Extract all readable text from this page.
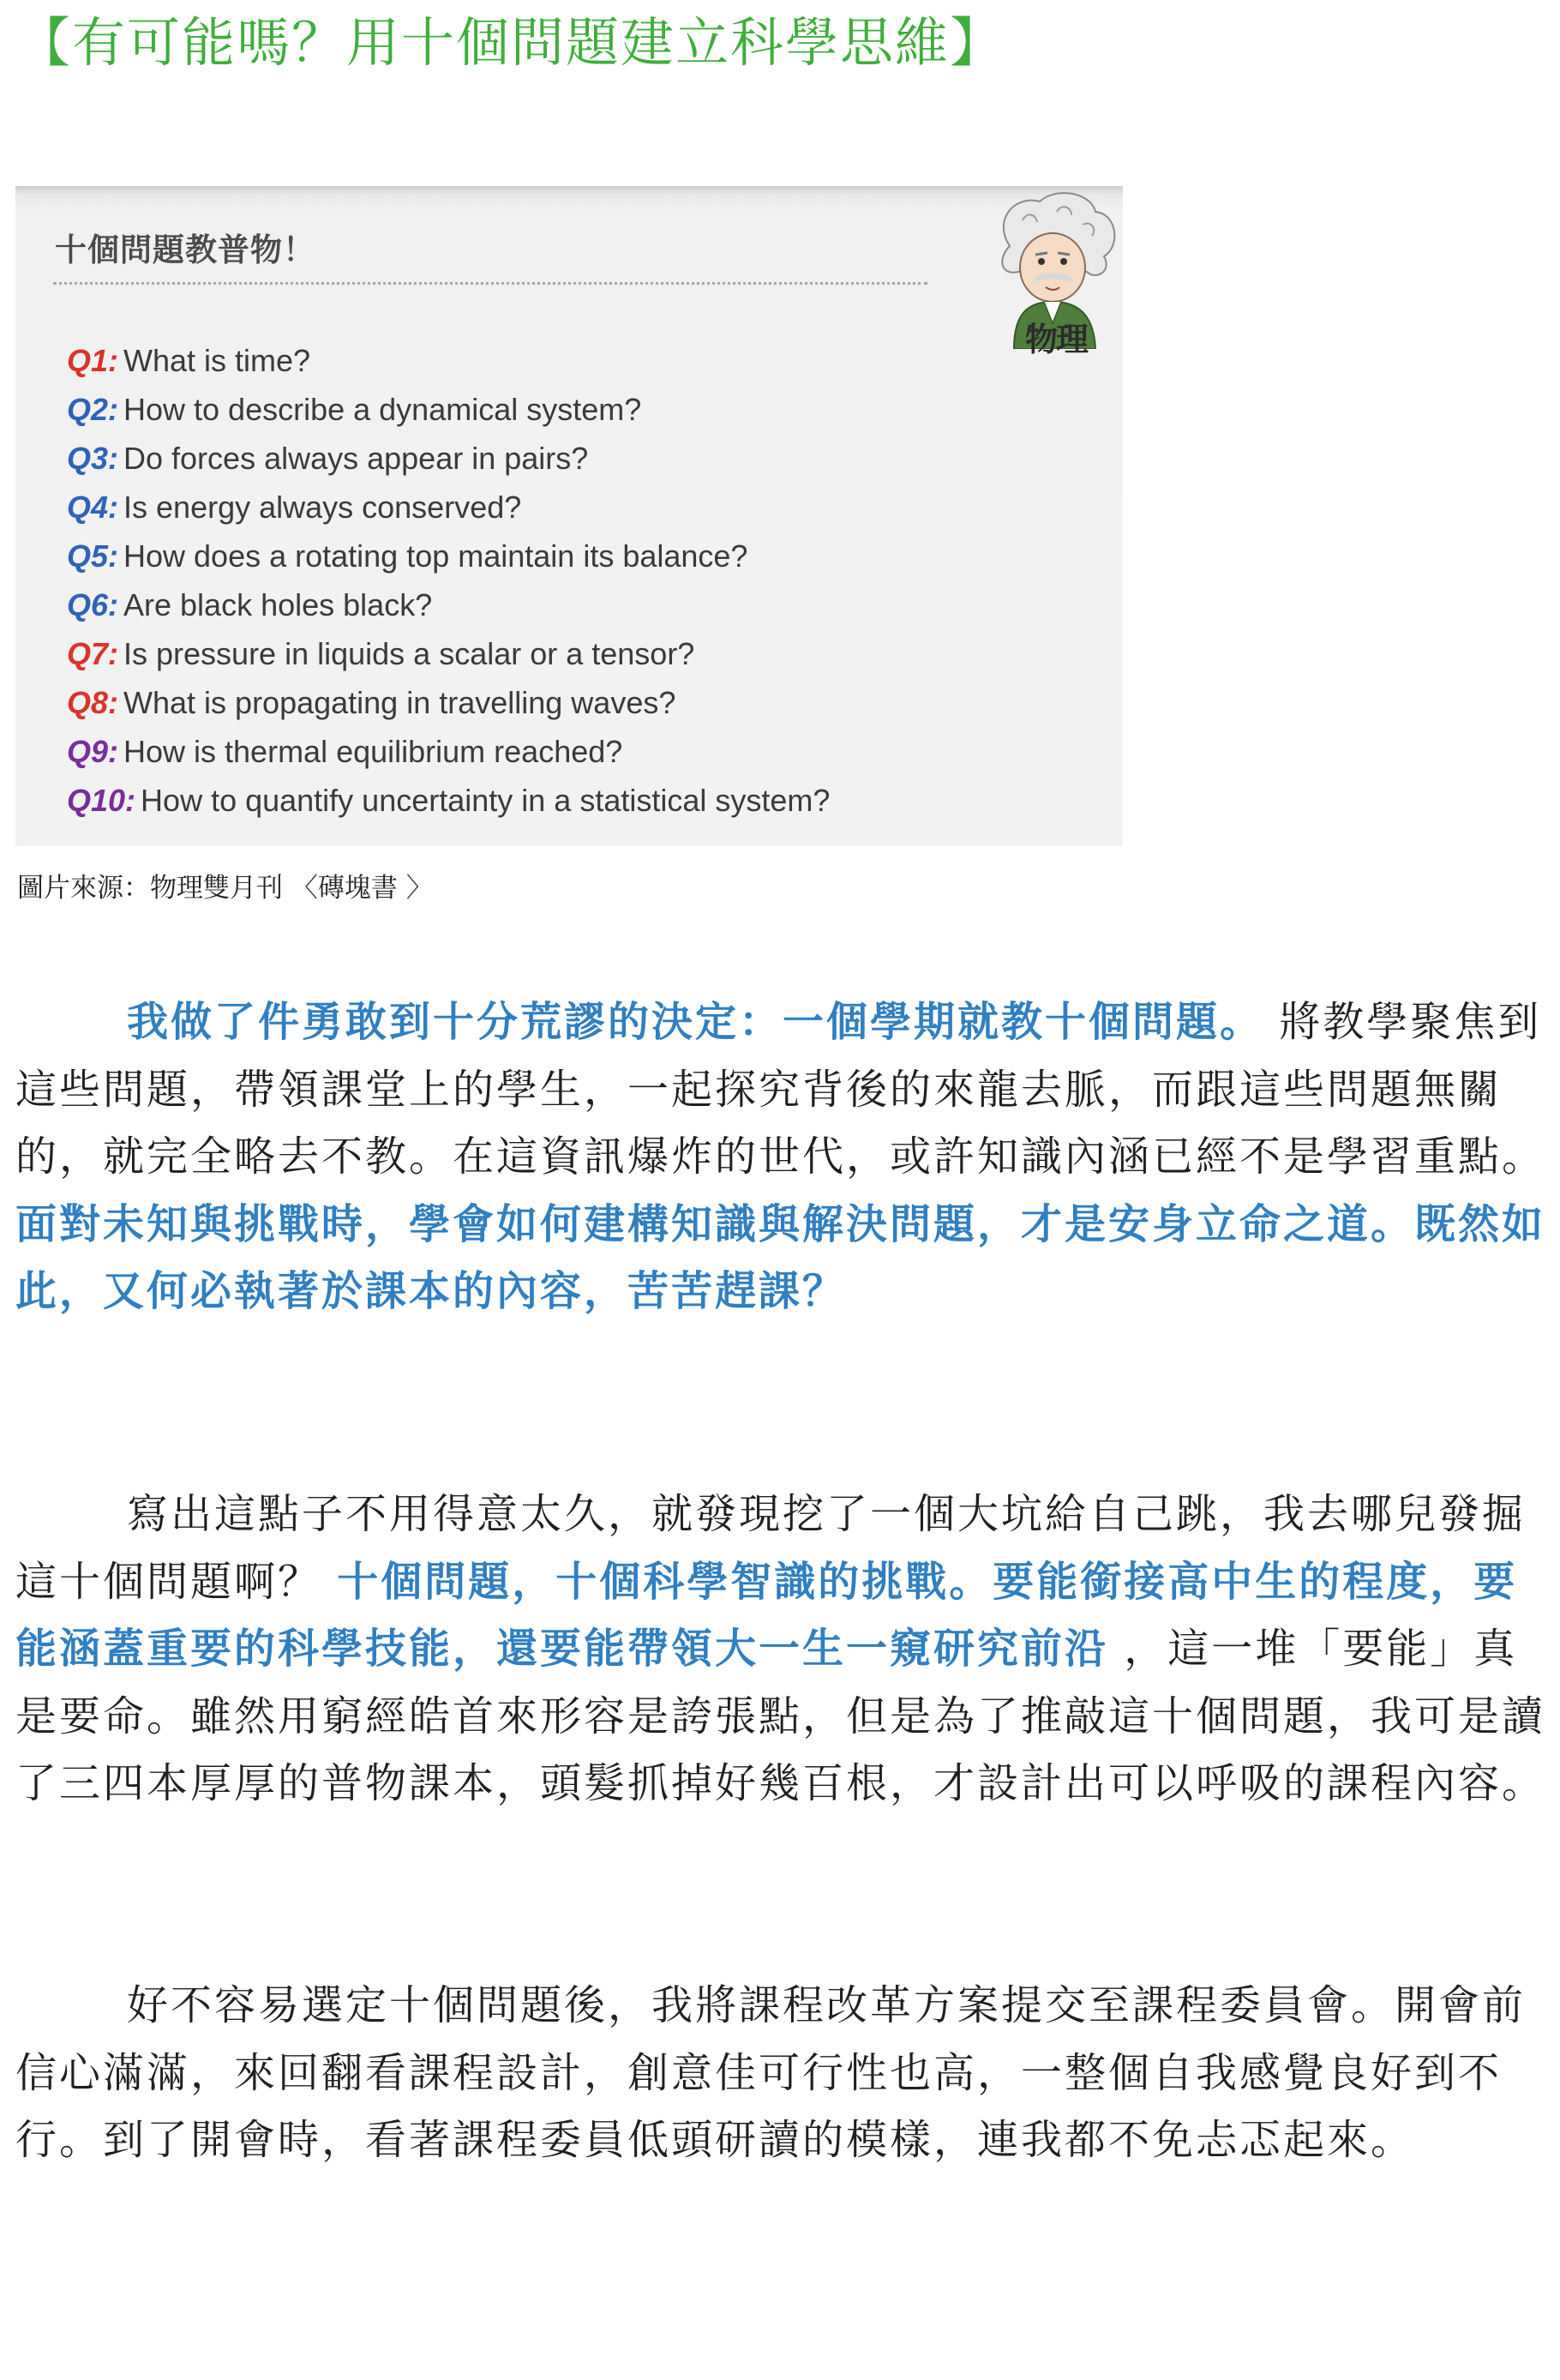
【有可能嗎？用十個問題建立科學思維】
十個問題教普物！
物理
Q1: What is time?
Q2: How to describe a dynamical system?
Q3: Do forces always appear in pairs?
Q4: Is energy always conserved?
Q5: How does a rotating top maintain its balance?
Q6: Are black holes black?
Q7: Is pressure in liquids a scalar or a tensor?
Q8: What is propagating in travelling waves?
Q9: How is thermal equilibrium reached?
Q10: How to quantify uncertainty in a statistical system?
圖片來源：物理雙月刊 〈磚塊書 〉

我做了件勇敢到十分荒謬的決定：一個學期就教十個問題。 將教學聚焦到這些問題，帶領課堂上的學生，一起探究背後的來龍去脈，而跟這些問題無關的，就完全略去不教。在這資訊爆炸的世代，或許知識內涵已經不是學習重點。面對未知與挑戰時，學會如何建構知識與解決問題，才是安身立命之道。既然如此，又何必執著於課本的內容，苦苦趕課？

寫出這點子不用得意太久，就發現挖了一個大坑給自己跳，我去哪兒發掘這十個問題啊？ 十個問題，十個科學智識的挑戰。要能銜接高中生的程度，要能涵蓋重要的科學技能，還要能帶領大一生一窺研究前沿 ，這一堆「要能」真是要命。雖然用窮經皓首來形容是誇張點，但是為了推敲這十個問題，我可是讀了三四本厚厚的普物課本，頭髮抓掉好幾百根，才設計出可以呼吸的課程內容。

好不容易選定十個問題後，我將課程改革方案提交至課程委員會。開會前信心滿滿，來回翻看課程設計，創意佳可行性也高，一整個自我感覺良好到不行。到了開會時，看著課程委員低頭研讀的模樣，連我都不免忐忑起來。
